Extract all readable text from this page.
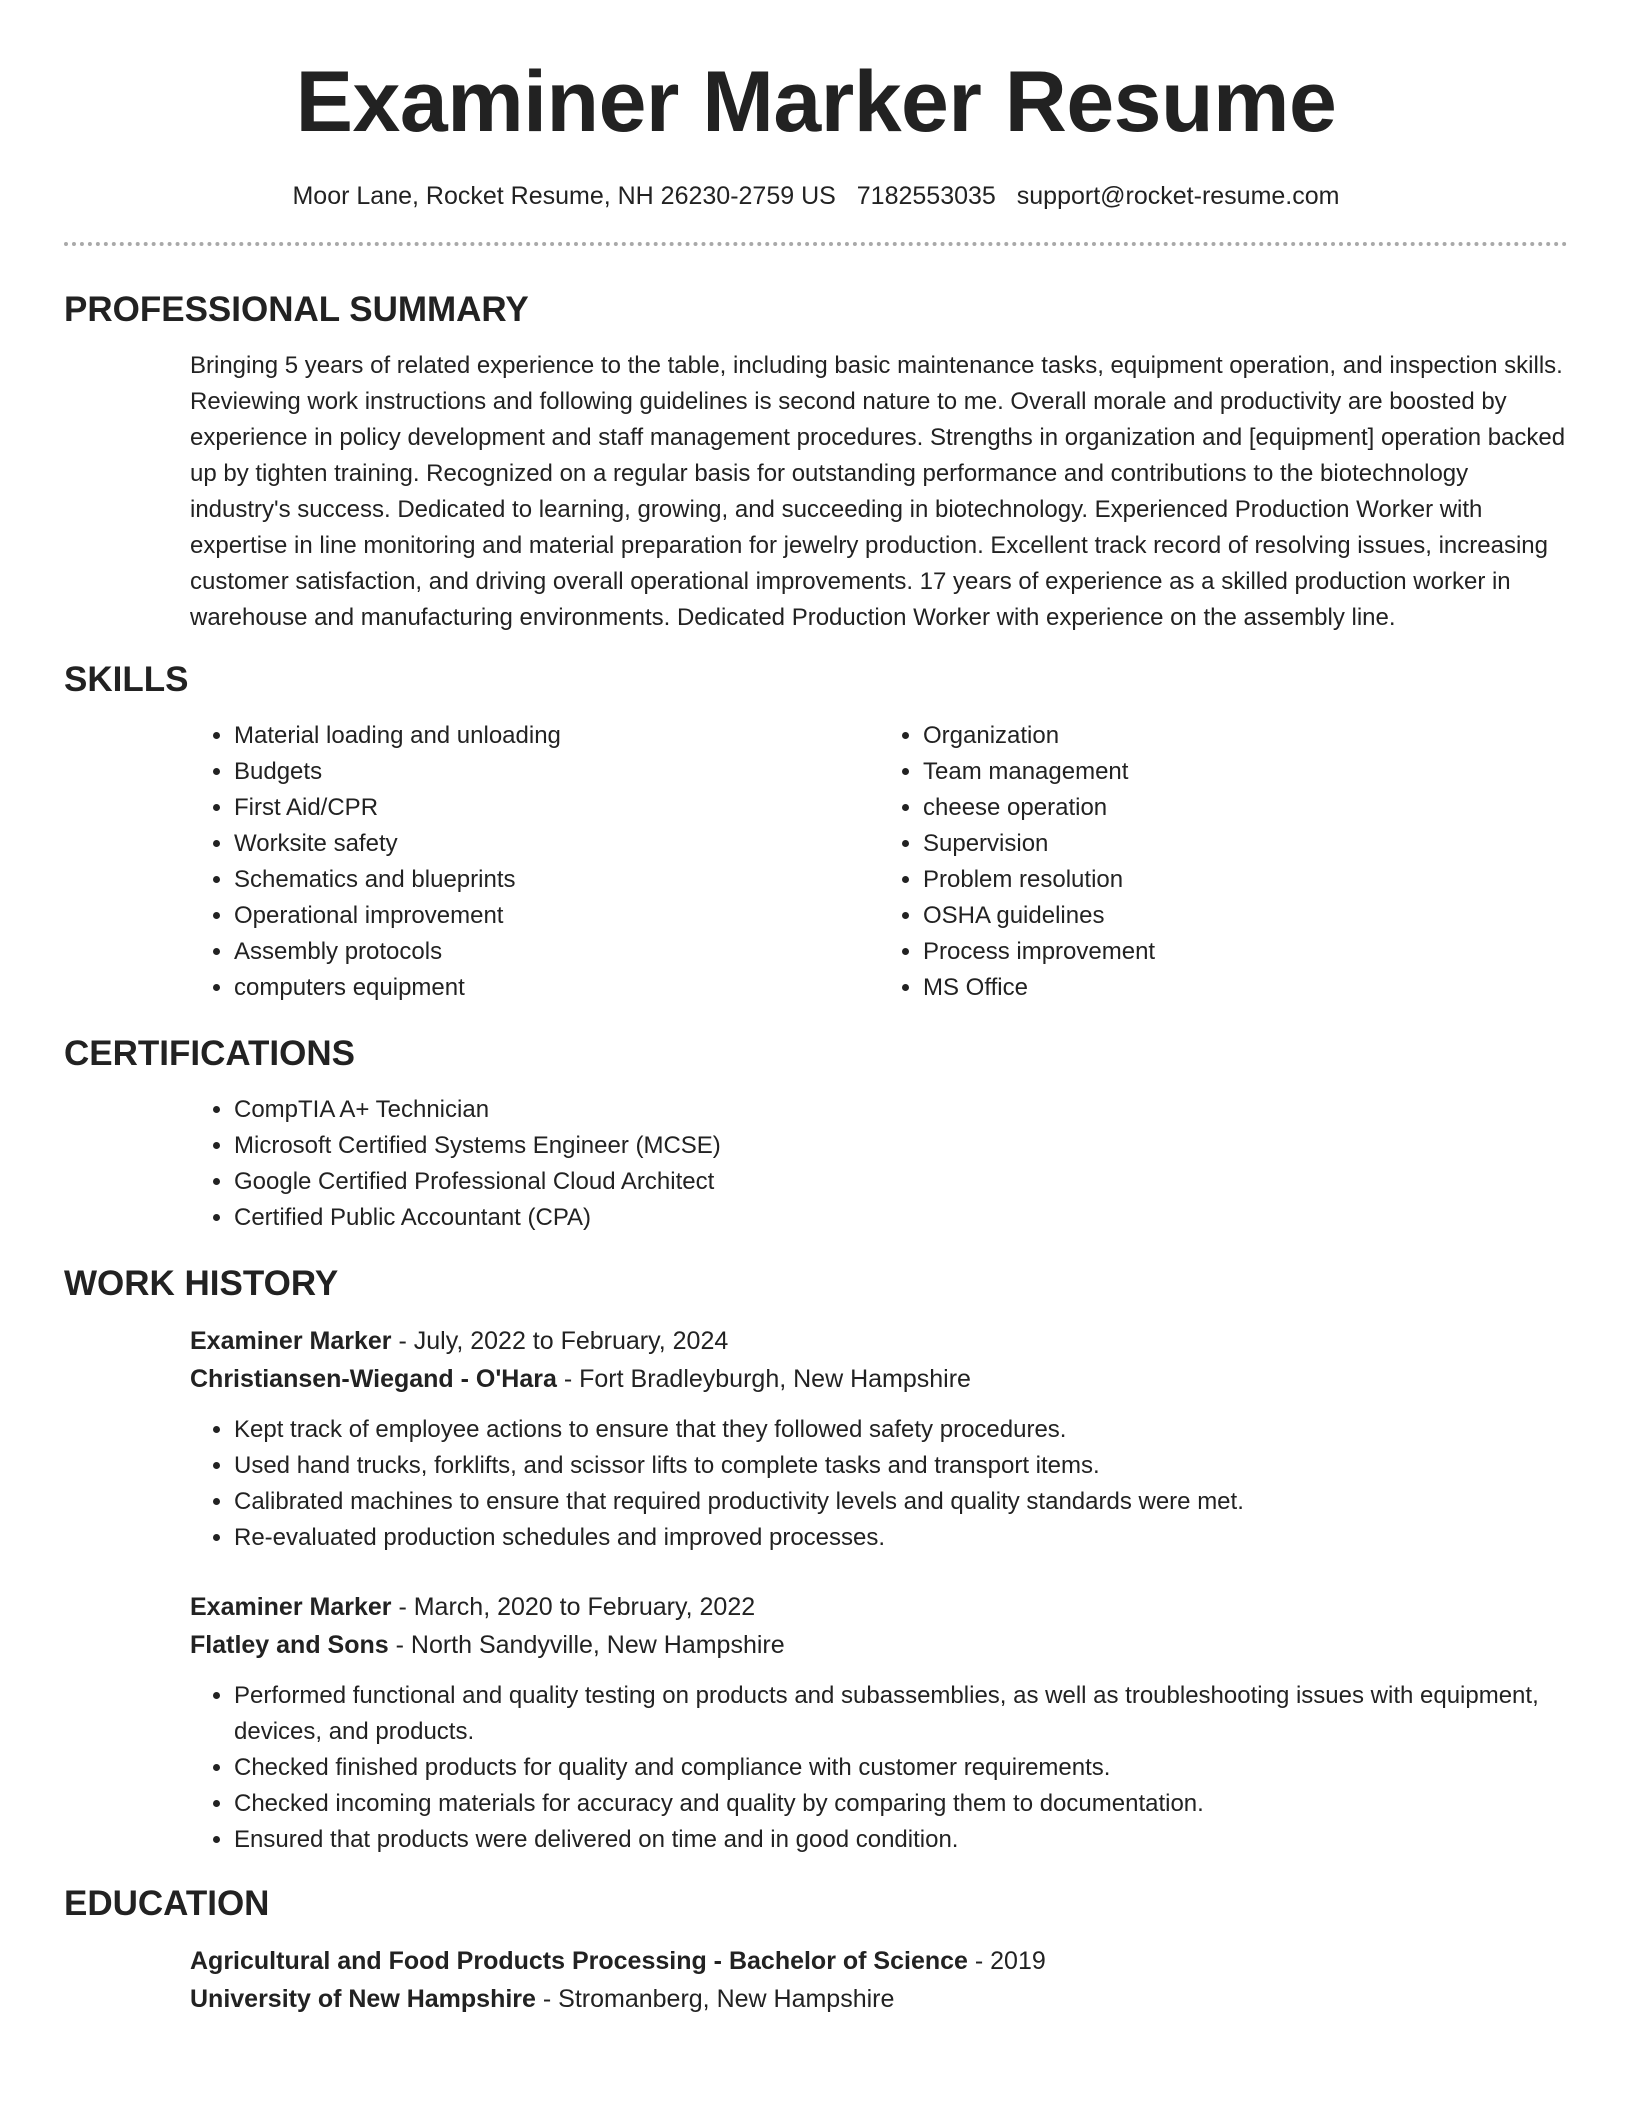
Examiner Marker Resume
Moor Lane, Rocket Resume, NH 26230-2759 US 7182553035 support@rocket-resume.com
PROFESSIONAL SUMMARY

Bringing 5 years of related experience to the table, including basic maintenance tasks, equipment operation, and inspection skills. Reviewing work instructions and following guidelines is second nature to me. Overall morale and productivity are boosted by experience in policy development and staff management procedures. Strengths in organization and [equipment] operation backed up by tighten training. Recognized on a regular basis for outstanding performance and contributions to the biotechnology industry's success. Dedicated to learning, growing, and succeeding in biotechnology. Experienced Production Worker with expertise in line monitoring and material preparation for jewelry production. Excellent track record of resolving issues, increasing customer satisfaction, and driving overall operational improvements. 17 years of experience as a skilled production worker in warehouse and manufacturing environments. Dedicated Production Worker with experience on the assembly line.

SKILLS
• Material loading and unloading
• Budgets
• First Aid/CPR
• Worksite safety
• Schematics and blueprints
• Operational improvement
• Assembly protocols
• computers equipment
• Organization
• Team management
• cheese operation
• Supervision
• Problem resolution
• OSHA guidelines
• Process improvement
• MS Office
CERTIFICATIONS
• CompTIA A+ Technician
• Microsoft Certified Systems Engineer (MCSE)
• Google Certified Professional Cloud Architect
• Certified Public Accountant (CPA)
WORK HISTORY
Examiner Marker - July, 2022 to February, 2024
Christiansen-Wiegand - O'Hara - Fort Bradleyburgh, New Hampshire
• Kept track of employee actions to ensure that they followed safety procedures.
• Used hand trucks, forklifts, and scissor lifts to complete tasks and transport items.
• Calibrated machines to ensure that required productivity levels and quality standards were met.
• Re-evaluated production schedules and improved processes.
Examiner Marker - March, 2020 to February, 2022
Flatley and Sons - North Sandyville, New Hampshire
• Performed functional and quality testing on products and subassemblies, as well as troubleshooting issues with equipment, devices, and products.
• Checked finished products for quality and compliance with customer requirements.
• Checked incoming materials for accuracy and quality by comparing them to documentation.
• Ensured that products were delivered on time and in good condition.
EDUCATION
Agricultural and Food Products Processing - Bachelor of Science - 2019
University of New Hampshire - Stromanberg, New Hampshire
